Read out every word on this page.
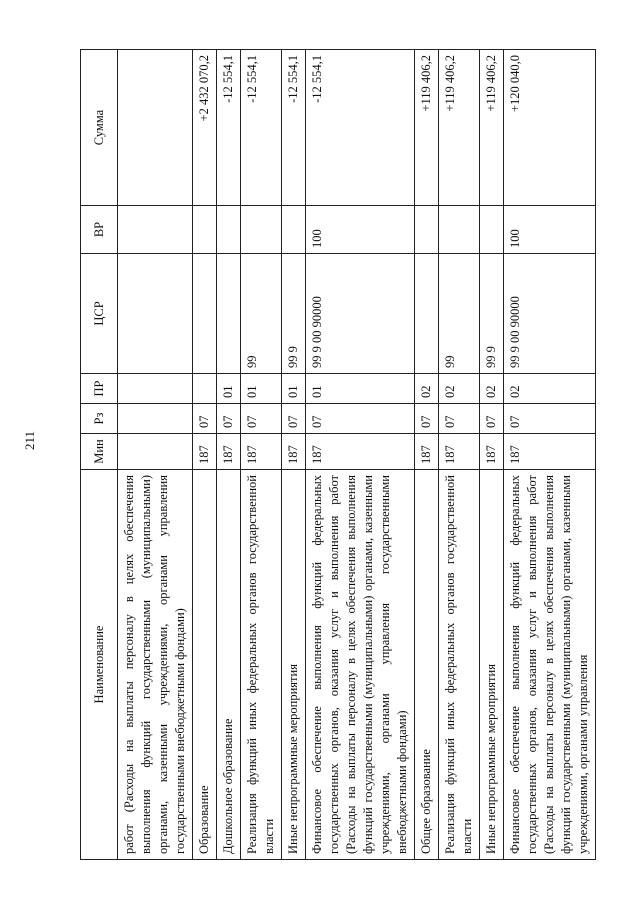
211
Наименование	Мин	Рз	ПР	ЦСР	ВР	Сумма
работ (Расходы на выплаты персоналу в целях обеспечения выполнения функций государственными (муниципальными) органами, казенными учреждениями, органами управления государственными внебюджетными фондами)						
Образование	187	07				+2 432 070,2
Дошкольное образование	187	07	01			-12 554,1
Реализация функций иных федеральных органов государственной власти	187	07	01	99		-12 554,1
Иные непрограммные мероприятия	187	07	01	99 9		-12 554,1
Финансовое обеспечение выполнения функций федеральных государственных органов, оказания услуг и выполнения работ (Расходы на выплаты персоналу в целях обеспечения выполнения функций государственными (муниципальными) органами, казенными учреждениями, органами управления государственными внебюджетными фондами)	187	07	01	99 9 00 90000	100	-12 554,1
Общее образование	187	07	02			+119 406,2
Реализация функций иных федеральных органов государственной власти	187	07	02	99		+119 406,2
Иные непрограммные мероприятия	187	07	02	99 9		+119 406,2
Финансовое обеспечение выполнения функций федеральных государственных органов, оказания услуг и выполнения работ (Расходы на выплаты персоналу в целях обеспечения выполнения функций государственными (муниципальными) органами, казенными учреждениями, органами управления	187	07	02	99 9 00 90000	100	+120 040,0
